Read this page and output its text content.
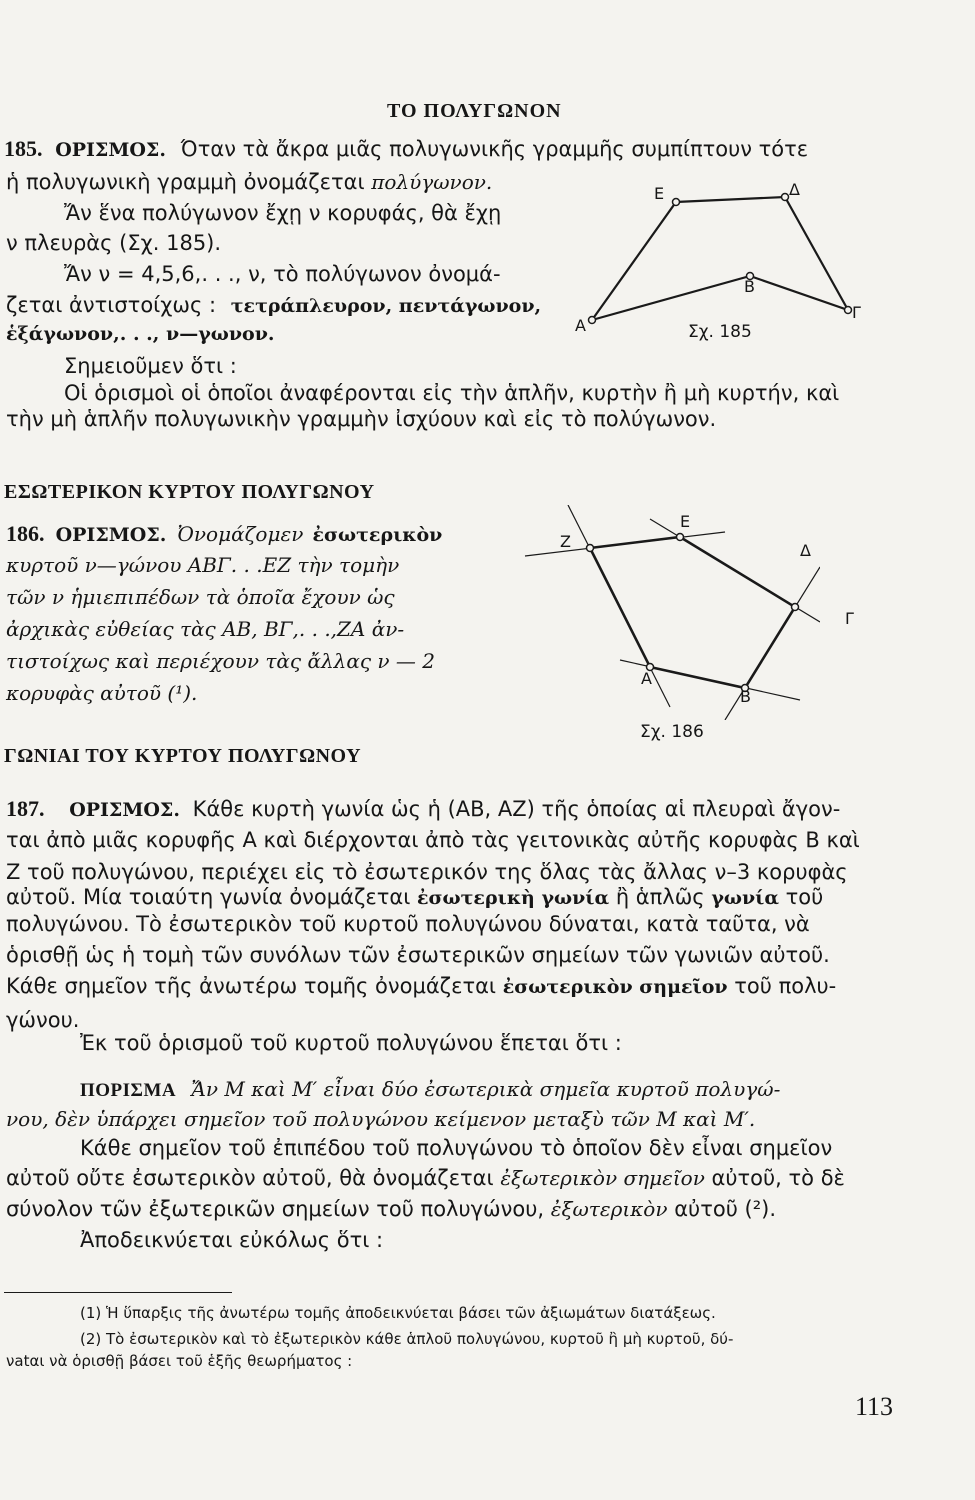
ΤΟ ΠΟΛΥΓΩΝΟΝ
185. ΟΡΙΣΜΟΣ. Όταν τὰ ἄκρα μιᾶς πολυγωνικῆς γραμμῆς συμπίπτουν τότε
ἡ πολυγωνικὴ γραμμὴ ὀνομάζεται πολύγωνον.
Ἄν ἕνα πολύγωνον ἔχῃ ν κορυφάς, θὰ ἔχῃ
ν πλευρὰς (Σχ. 185).
Ἄν ν = 4,5,6,. . ., ν, τὸ πολύγωνον ὀνομά-
ζεται ἀντιστοίχως : τετράπλευρον, πεντάγωνον,
ἑξάγωνον,. . ., ν—γωνον.
Σημειοῦμεν ὅτι :
Οἱ ὁρισμοὶ οἱ ὁποῖοι ἀναφέρονται εἰς τὴν ἁπλῆν, κυρτὴν ἢ μὴ κυρτήν, καὶ
τὴν μὴ ἁπλῆν πολυγωνικὴν γραμμὴν ἰσχύουν καὶ εἰς τὸ πολύγωνον.
Ε	Δ
Β
Α
Γ
Σχ. 185
ΕΣΩΤΕΡΙΚΟΝ ΚΥΡΤΟΥ ΠΟΛΥΓΩΝΟΥ
186. ΟΡΙΣΜΟΣ. Ὀνομάζομεν ἐσωτερικὸν
κυρτοῦ ν—γώνου ΑΒΓ. . .ΕΖ τὴν τομὴν
τῶν ν ἡμιεπιπέδων τὰ ὁποῖα ἔχουν ὡς
ἀρχικὰς εὐθείας τὰς ΑΒ, ΒΓ,. . .,ΖΑ ἀν-
τιστοίχως καὶ περιέχουν τὰς ἄλλας ν — 2
κορυφὰς αὐτοῦ (¹).
Ζ
Ε
Δ
Γ
Α
Β
Σχ. 186
ΓΩΝΙΑΙ ΤΟΥ ΚΥΡΤΟΥ ΠΟΛΥΓΩΝΟΥ
187. ΟΡΙΣΜΟΣ. Κάθε κυρτὴ γωνία ὡς ἡ (ΑΒ, ΑΖ) τῆς ὁποίας αἱ πλευραὶ ἄγον-
ται ἀπὸ μιᾶς κορυφῆς Α καὶ διέρχονται ἀπὸ τὰς γειτονικὰς αὐτῆς κορυφὰς Β καὶ
Ζ τοῦ πολυγώνου, περιέχει εἰς τὸ ἐσωτερικόν της ὅλας τὰς ἄλλας ν–3 κορυφὰς
αὐτοῦ. Μία τοιαύτη γωνία ὀνομάζεται ἐσωτερικὴ γωνία ἢ ἁπλῶς γωνία τοῦ
πολυγώνου. Τὸ ἐσωτερικὸν τοῦ κυρτοῦ πολυγώνου δύναται, κατὰ ταῦτα, νὰ
ὁρισθῇ ὡς ἡ τομὴ τῶν συνόλων τῶν ἐσωτερικῶν σημείων τῶν γωνιῶν αὐτοῦ.
Κάθε σημεῖον τῆς ἀνωτέρω τομῆς ὀνομάζεται ἐσωτερικὸν σημεῖον τοῦ πολυ-
γώνου.
Ἐκ τοῦ ὁρισμοῦ τοῦ κυρτοῦ πολυγώνου ἕπεται ὅτι :
ΠΟΡΙΣΜΑ Ἄν Μ καὶ Μ′ εἶναι δύο ἐσωτερικὰ σημεῖα κυρτοῦ πολυγώ-
νου, δὲν ὑπάρχει σημεῖον τοῦ πολυγώνου κείμενον μεταξὺ τῶν Μ καὶ Μ′.
Κάθε σημεῖον τοῦ ἐπιπέδου τοῦ πολυγώνου τὸ ὁποῖον δὲν εἶναι σημεῖον
αὐτοῦ οὔτε ἐσωτερικὸν αὐτοῦ, θὰ ὀνομάζεται ἐξωτερικὸν σημεῖον αὐτοῦ, τὸ δὲ
σύνολον τῶν ἐξωτερικῶν σημείων τοῦ πολυγώνου, ἐξωτερικὸν αὐτοῦ (²).
Ἀποδεικνύεται εὐκόλως ὅτι :
(1) Ἡ ὕπαρξις τῆς ἀνωτέρω τομῆς ἀποδεικνύεται βάσει τῶν ἀξιωμάτων διατάξεως.
(2) Τὸ ἐσωτερικὸν καὶ τὸ ἐξωτερικὸν κάθε ἁπλοῦ πολυγώνου, κυρτοῦ ἢ μὴ κυρτοῦ, δύ-
νatαι νὰ ὁρισθῇ βάσει τοῦ ἑξῆς θεωρήματος :
113
